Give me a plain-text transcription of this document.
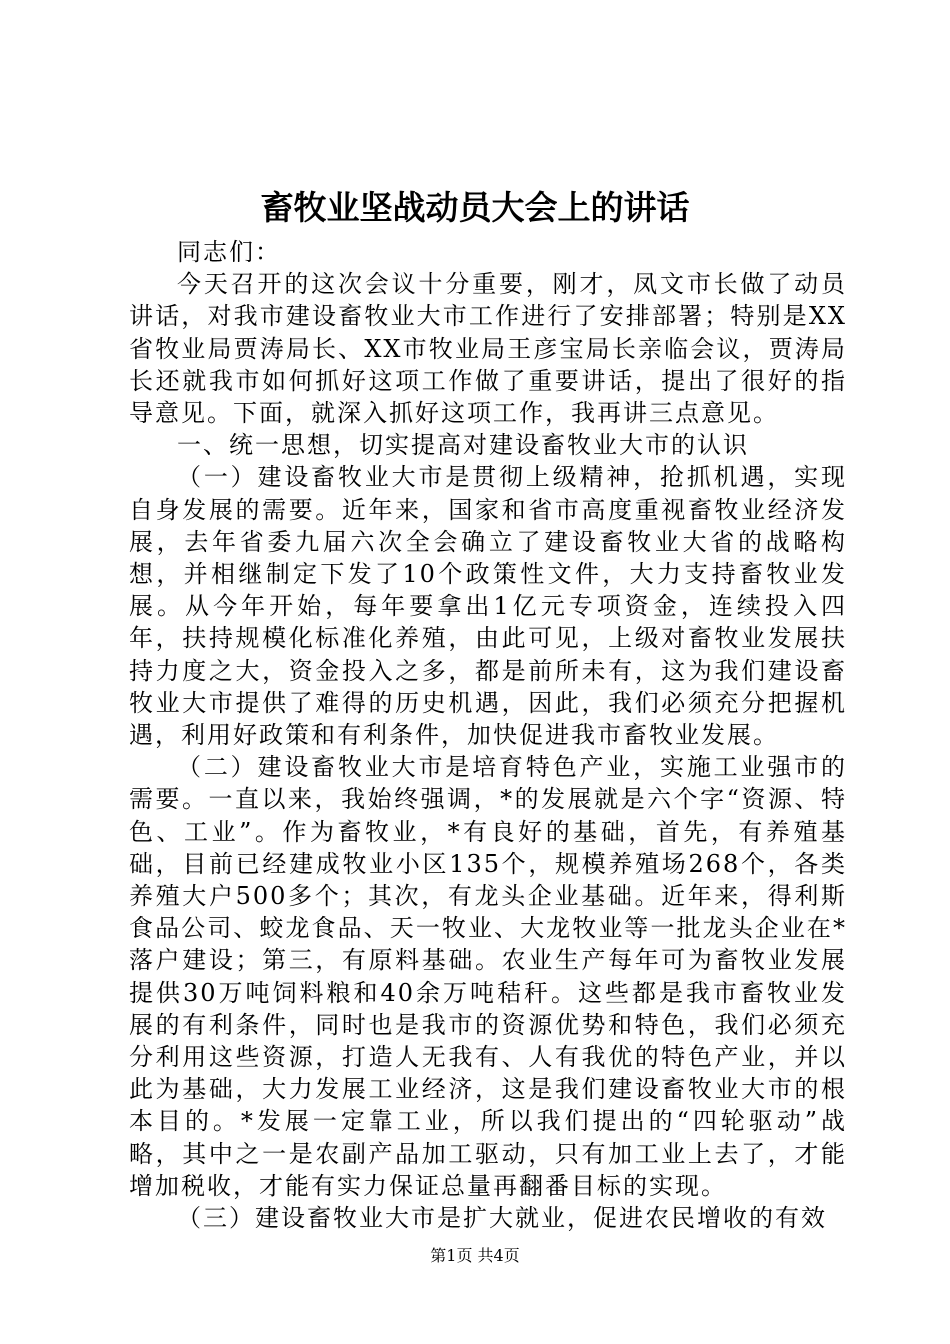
畜牧业坚战动员大会上的讲话

同志们：

今天召开的这次会议十分重要，刚才，凤文市长做了动员讲话，对我市建设畜牧业大市工作进行了安排部署；特别是XX省牧业局贾涛局长、XX市牧业局王彦宝局长亲临会议，贾涛局长还就我市如何抓好这项工作做了重要讲话，提出了很好的指导意见。下面，就深入抓好这项工作，我再讲三点意见。

一、统一思想，切实提高对建设畜牧业大市的认识

（一）建设畜牧业大市是贯彻上级精神，抢抓机遇，实现自身发展的需要。近年来，国家和省市高度重视畜牧业经济发展，去年省委九届六次全会确立了建设畜牧业大省的战略构想，并相继制定下发了10个政策性文件，大力支持畜牧业发展。从今年开始，每年要拿出1亿元专项资金，连续投入四年，扶持规模化标准化养殖，由此可见，上级对畜牧业发展扶持力度之大，资金投入之多，都是前所未有，这为我们建设畜牧业大市提供了难得的历史机遇，因此，我们必须充分把握机遇，利用好政策和有利条件，加快促进我市畜牧业发展。

（二）建设畜牧业大市是培育特色产业，实施工业强市的需要。一直以来，我始终强调，*的发展就是六个字“资源、特色、工业”。作为畜牧业，*有良好的基础，首先，有养殖基础，目前已经建成牧业小区135个，规模养殖场268个，各类养殖大户500多个；其次，有龙头企业基础。近年来，得利斯食品公司、蛟龙食品、天一牧业、大龙牧业等一批龙头企业在*落户建设；第三，有原料基础。农业生产每年可为畜牧业发展提供30万吨饲料粮和40余万吨秸秆。这些都是我市畜牧业发展的有利条件，同时也是我市的资源优势和特色，我们必须充分利用这些资源，打造人无我有、人有我优的特色产业，并以此为基础，大力发展工业经济，这是我们建设畜牧业大市的根本目的。*发展一定靠工业，所以我们提出的“四轮驱动”战略，其中之一是农副产品加工驱动，只有加工业上去了，才能增加税收，才能有实力保证总量再翻番目标的实现。

（三）建设畜牧业大市是扩大就业，促进农民增收的有效

第1页 共4页
